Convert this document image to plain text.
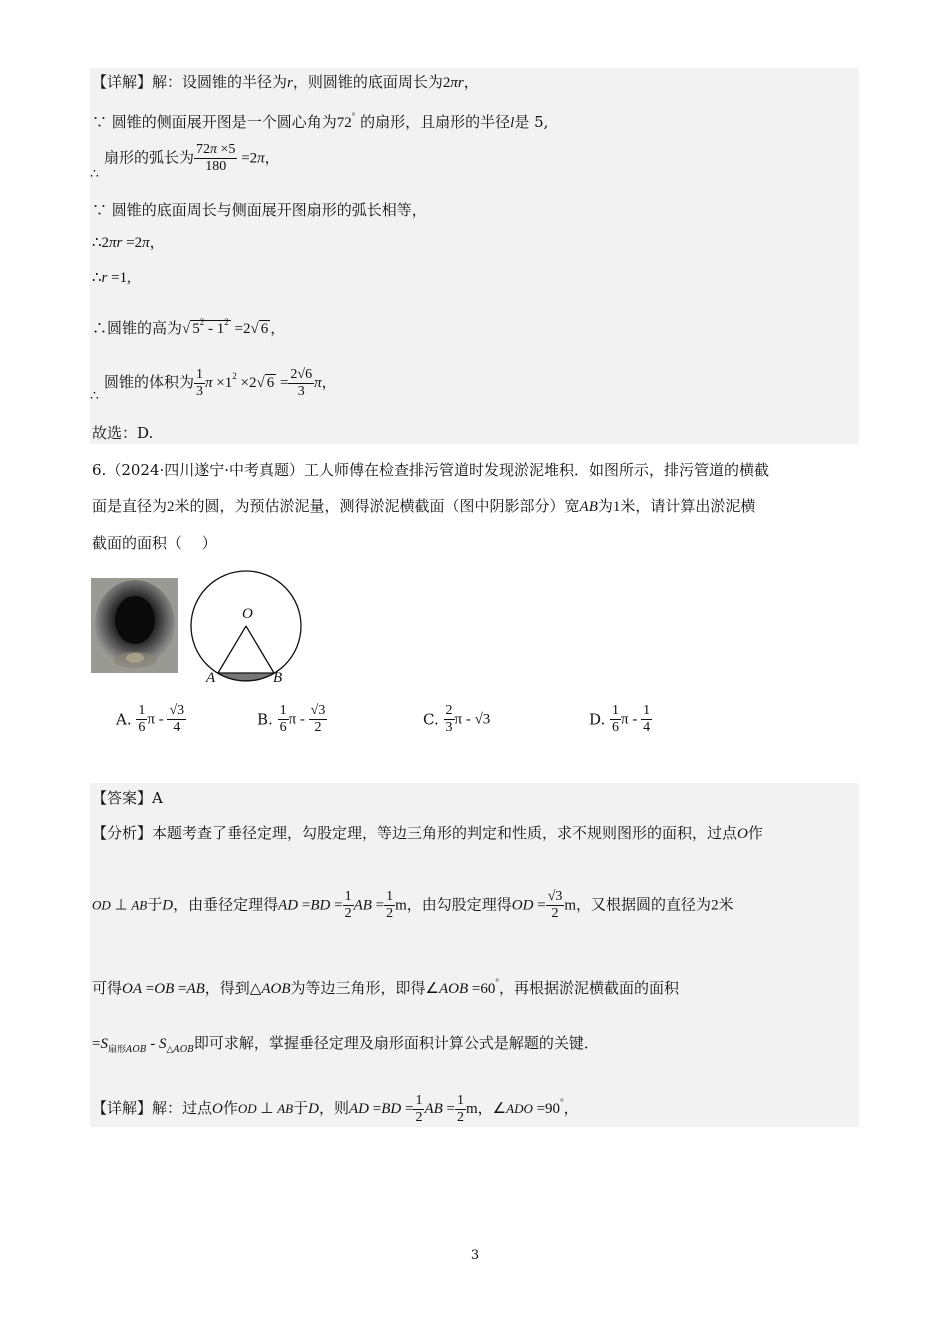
【详解】解：设圆锥的半径为r，则圆锥的底面周长为2πr，
∵ 圆锥的侧面展开图是一个圆心角为72° 的扇形，且扇形的半径l是 5,
扇形的弧长为 $\frac{72\pi \times 5}{180} =2\pi$，
∴
∵ 圆锥的底面周长与侧面展开图扇形的弧长相等，
∴2πr =2π，
∴r =1,
∴圆锥的高为√ $5^2 - 1^2 =2√$ 6 ，
圆锥的体积为 $\frac{1}{3}$ $\pi \times 1^2 \times 2√$ $6 = \frac{2√6}{3}$ π，
∴
故选：D.
6.（2024·四川遂宁·中考真题）工人师傅在检查排污管道时发现淤泥堆积．如图所示，排污管道的横截
面是直径为2米的圆，为预估淤泥量，测得淤泥横截面（图中阴影部分）宽AB为1米，请计算出淤泥横
截面的面积（　 ）
O
A	B
A. $\frac{1}{6}$ π - $\frac{√3}{4}$	B. $\frac{1}{6}$ π - $\frac{√3}{2}$	C. $\frac{2}{3}$ π - √3	D. $\frac{1}{6}$ π - $\frac{1}{4}$
【答案】A
【分析】本题考查了垂径定理，勾股定理，等边三角形的判定和性质，求不规则图形的面积，过点O作
OD ⊥ AB于D，由垂径定理得AD $=BD = \frac{1}{2}$ AB = $\frac{1}{2}$ m，由勾股定理得OD = $\frac{√3}{2}$ m，又根据圆的直径为2米
可得OA =OB =AB，得到△AOB为等边三角形，即得∠AOB =60°，再根据淤泥横截面的面积
$=S_{扇形AOB} - S_{\triangle AOB}$即可求解，掌握垂径定理及扇形面积计算公式是解题的关键．
【详解】解：过点O作OD ⊥ AB于D，则AD $=BD = \frac{1}{2}$ AB = $\frac{1}{2}$ m，∠ADO =90°，
3
